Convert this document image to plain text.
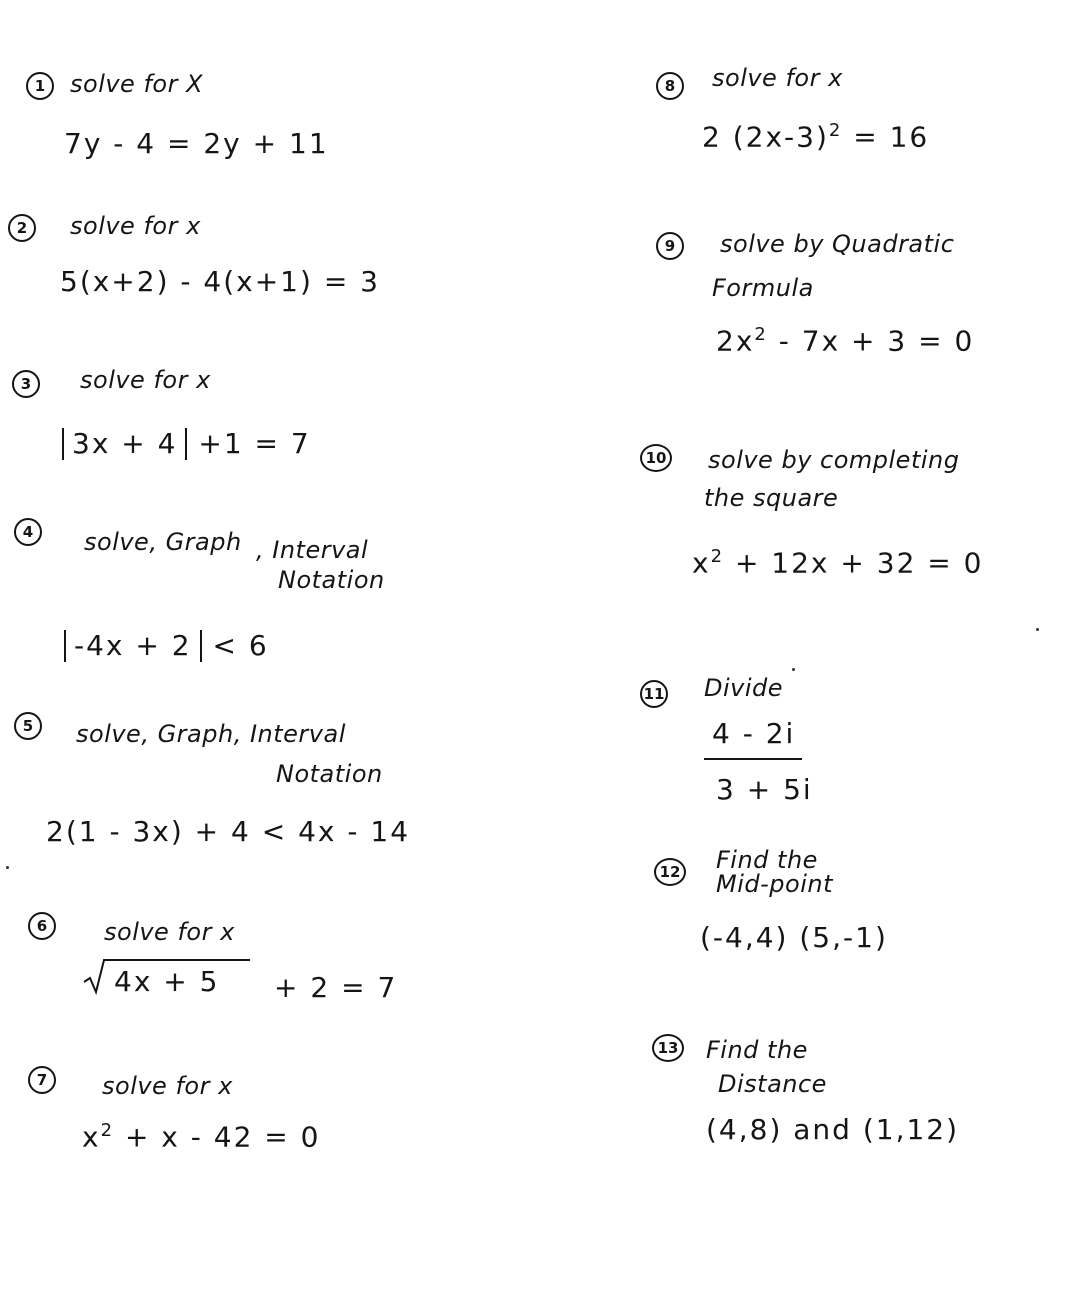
1	solve for X
7y - 4 = 2y + 11
2	solve for x
5(x+2) - 4(x+1) = 3
3	solve for x
3x + 4 +1 = 7
4	solve, Graph , Interval
Notation
-4x + 2 < 6
5	solve, Graph, Interval
Notation
2(1 - 3x) + 4 < 4x - 14
6	solve for x
4x + 5 + 2 = 7
7	solve for x
$x^2 + x - 42 = 0$
8	solve for x
2 $(2x-3)^2 = 16$
9	solve by Quadratic
Formula
$2x^2 - 7x + 3 = 0$
10 solve by completing
the square
$x^2 + 12x + 32 = 0$
11 Divide
4 - 2i
3 + 5i
12 Find the
Mid-point
(-4,4) (5,-1)
13 Find the
Distance
(4,8) and (1,12)
